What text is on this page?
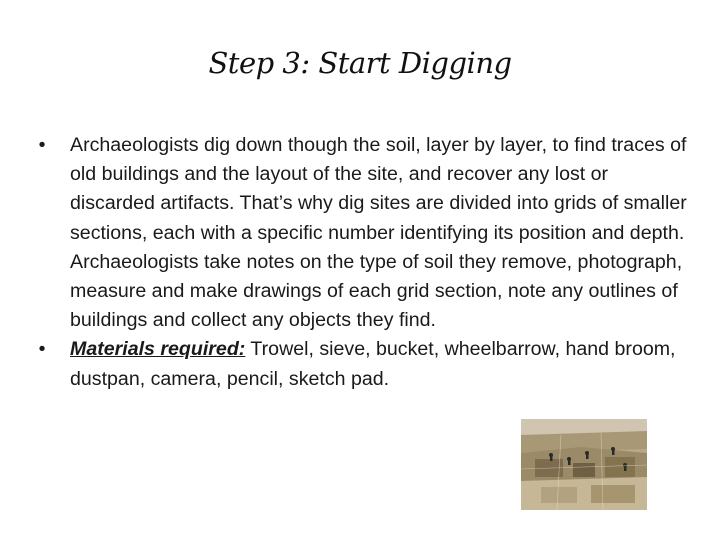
Step 3: Start Digging
•	Archaeologists dig down though the soil, layer by layer, to find traces of old buildings and the layout of the site, and recover any lost or discarded artifacts. That’s why dig sites are divided into grids of smaller sections, each with a specific number identifying its position and depth. Archaeologists take notes on the type of soil they remove, photograph, measure and make drawings of each grid section, note any outlines of buildings and collect any objects they find.
•	Materials required: Trowel, sieve, bucket, wheelbarrow, hand broom, dustpan, camera, pencil, sketch pad.
